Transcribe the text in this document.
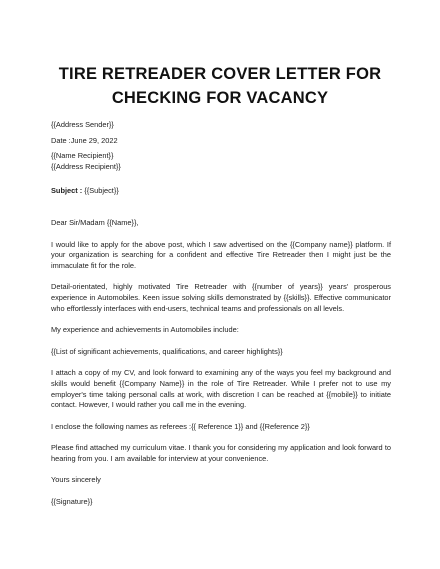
TIRE RETREADER COVER LETTER FOR
CHECKING FOR VACANCY

{{Address Sender}}

Date :June 29, 2022

{{Name Recipient}}

{{Address Recipient}}

Subject : {{Subject}}

Dear Sir/Madam {{Name}},

I would like to apply for the above post, which I saw advertised on the {{Company name}} platform. If your organization is searching for a confident and effective Tire Retreader then I might just be the immaculate fit for the role.

Detail-orientated, highly motivated Tire Retreader with {{number of years}} years' prosperous experience in Automobiles. Keen issue solving skills demonstrated by {{skills}}. Effective communicator who effortlessly interfaces with end-users, technical teams and professionals on all levels.

My experience and achievements in Automobiles include:

{{List of significant achievements, qualifications, and career highlights}}

I attach a copy of my CV, and look forward to examining any of the ways you feel my background and skills would benefit {{Company Name}} in the role of Tire Retreader. While I prefer not to use my employer's time taking personal calls at work, with discretion I can be reached at {{mobile}} to initiate contact. However, I would rather you call me in the evening.

I enclose the following names as referees :{{ Reference 1}} and {{Reference 2}}

Please find attached my curriculum vitae. I thank you for considering my application and look forward to hearing from you. I am available for interview at your convenience.

Yours sincerely

{{Signature}}
